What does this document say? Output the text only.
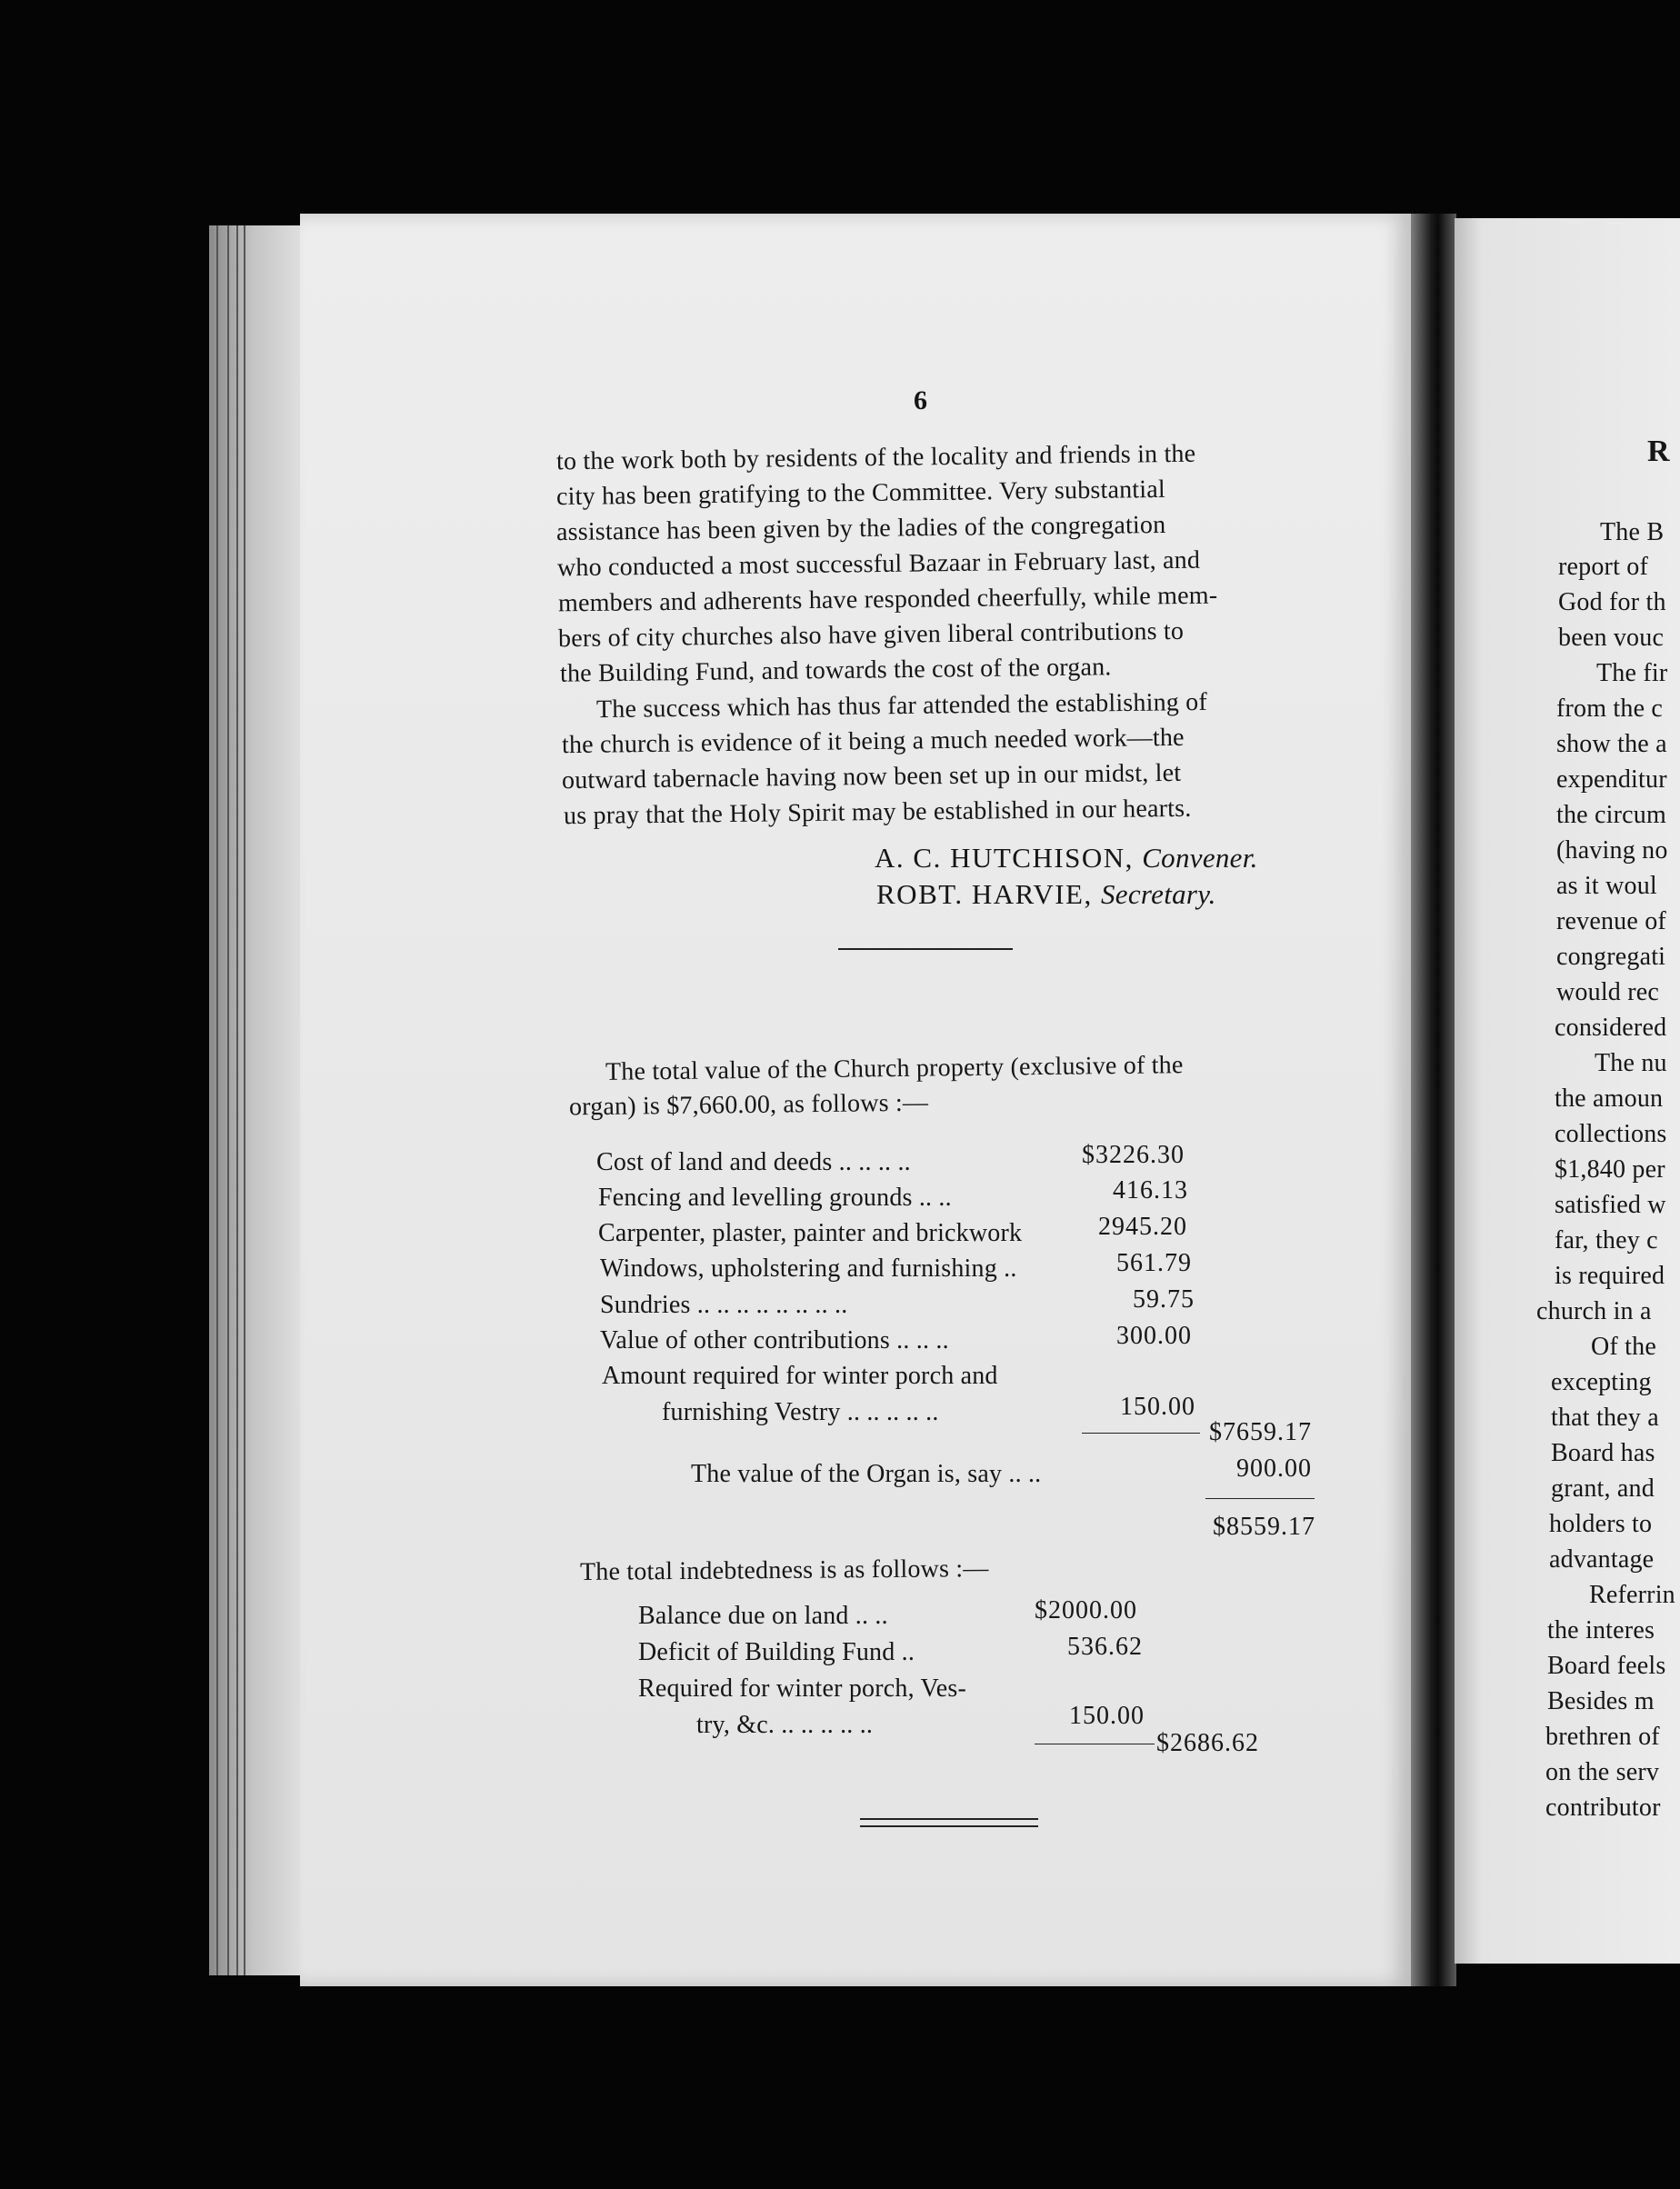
6
to the work both by residents of the locality and friends in the
city has been gratifying to the Committee. Very substantial
assistance has been given by the ladies of the congregation
who conducted a most successful Bazaar in February last, and
members and adherents have responded cheerfully, while mem-
bers of city churches also have given liberal contributions to
the Building Fund, and towards the cost of the organ.
The success which has thus far attended the establishing of
the church is evidence of it being a much needed work—the
outward tabernacle having now been set up in our midst, let
us pray that the Holy Spirit may be established in our hearts.
A. C. HUTCHISON, Convener.
ROBT. HARVIE, Secretary.
The total value of the Church property (exclusive of the
organ) is $7,660.00, as follows :—
Cost of land and deeds .. .. .. ..	$3226.30
Fencing and levelling grounds .. ..	416.13
Carpenter, plaster, painter and brickwork	2945.20
Windows, upholstering and furnishing ..	561.79
Sundries .. .. .. .. .. .. .. ..	59.75
Value of other contributions .. .. ..	300.00
Amount required for winter porch and
furnishing Vestry .. .. .. .. ..	150.00
$7659.17
The value of the Organ is, say .. ..	900.00
$8559.17
The total indebtedness is as follows :—
Balance due on land .. ..	$2000.00
Deficit of Building Fund ..	536.62
Required for winter porch, Ves-
try, &c. .. .. .. .. ..	150.00
$2686.62
R
The B
report of
God for th
been vouc
The fir
from the c
show the a
expenditur
the circum
(having no
as it woul
revenue of
congregati
would rec
considered
The nu
the amoun
collections
$1,840 per
satisfied w
far, they c
is required
church in a
Of the
excepting
that they a
Board has
grant, and
holders to
advantage
Referrin
the interes
Board feels
Besides m
brethren of
on the serv
contributor
